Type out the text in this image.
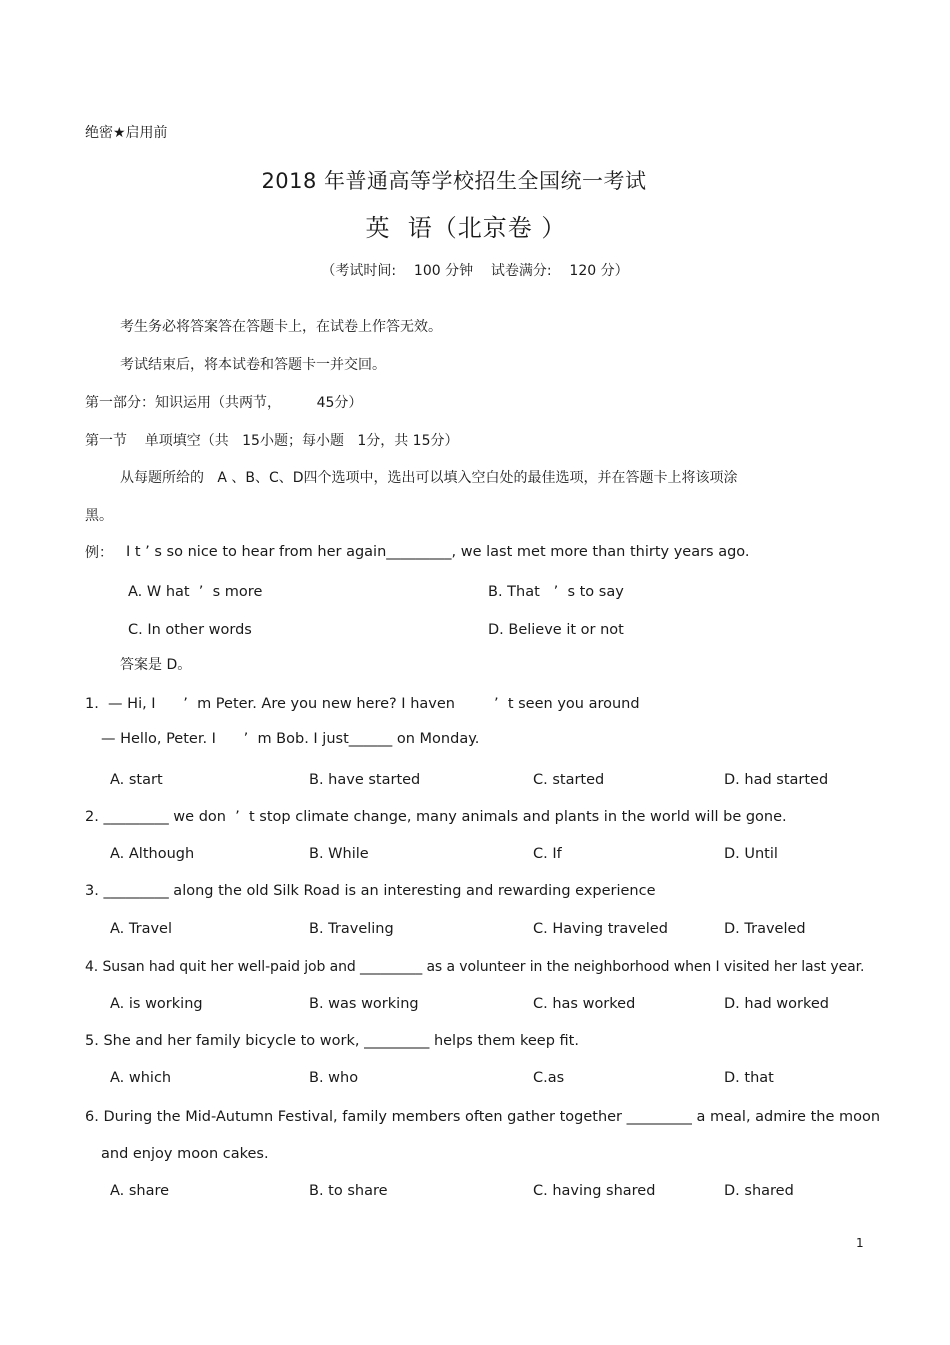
绝密★启用前
2018 年普通高等学校招生全国统一考试
英  语（北京卷 ）
（考试时间:    100 分钟    试卷满分:    120 分）
考生务必将答案答在答题卡上，在试卷上作答无效。
考试结束后，将本试卷和答题卡一并交回。
第一部分：知识运用（共两节，        45分）
第一节    单项填空（共   15小题；每小题   1分，共 15分）
从每题所给的   A 、B、C、D四个选项中，选出可以填入空白处的最佳选项，并在答题卡上将该项涂
黑。
例： I t ’ s so nice to hear from her again_________, we last met more than thirty years ago.
A. W hat  ’  s more	B. That   ’  s to say
C. In other words	D. Believe it or not
答案是 D。
1.  — Hi, I      ’  m Peter. Are you new here? I haven	’  t seen you around
— Hello, Peter. I      ’  m Bob. I just______ on Monday.
A. start	B. have started	C. started	D. had started
2. _________ we don  ’  t stop climate change, many animals and plants in the world will be gone.
A. Although	B. While	C. If	D. Until
3. _________ along the old Silk Road is an interesting and rewarding experience
A. Travel	B. Traveling	C. Having traveled	D. Traveled
4. Susan had quit her well-paid job and _________ as a volunteer in the neighborhood when I visited her last year.
A. is working	B. was working	C. has worked	D. had worked
5. She and her family bicycle to work, _________ helps them keep fit.
A. which	B. who	C.as	D. that
6. During the Mid-Autumn Festival, family members often gather together _________ a meal, admire the moon
and enjoy moon cakes.
A. share	B. to share	C. having shared	D. shared
1
